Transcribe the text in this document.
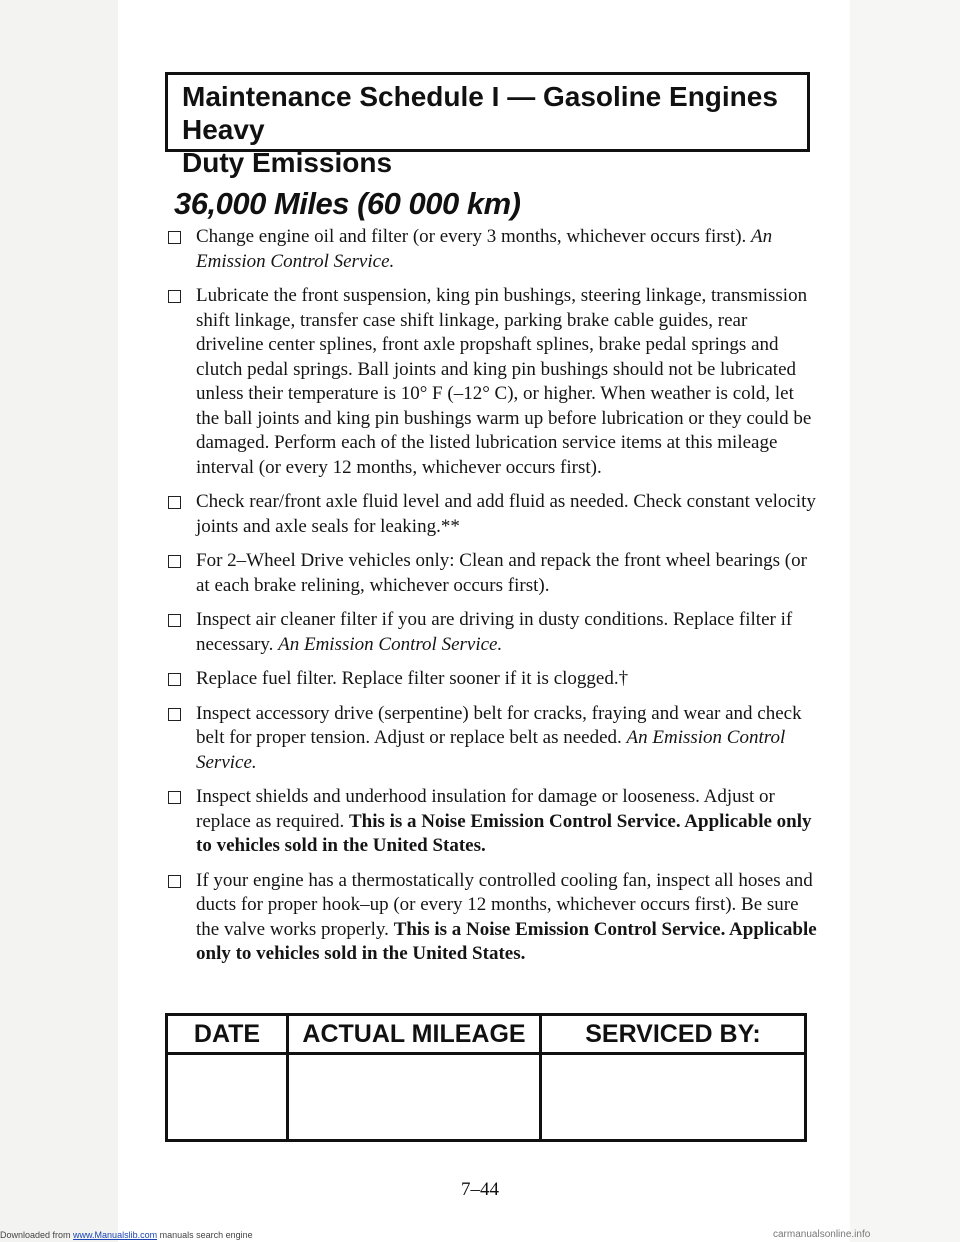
Maintenance Schedule I — Gasoline Engines Heavy
Duty Emissions
36,000 Miles (60 000 km)
Change engine oil and filter (or every 3 months, whichever occurs first). An Emission Control Service.
Lubricate the front suspension, king pin bushings, steering linkage, transmission shift linkage, transfer case shift linkage, parking brake cable guides, rear driveline center splines, front axle propshaft splines, brake pedal springs and clutch pedal springs. Ball joints and king pin bushings should not be lubricated unless their temperature is 10° F (–12° C), or higher. When weather is cold, let the ball joints and king pin bushings warm up before lubrication or they could be damaged. Perform each of the listed lubrication service items at this mileage interval (or every 12 months, whichever occurs first).
Check rear/front axle fluid level and add fluid as needed. Check constant velocity joints and axle seals for leaking.**
For 2–Wheel Drive vehicles only: Clean and repack the front wheel bearings (or at each brake relining, whichever occurs first).
Inspect air cleaner filter if you are driving in dusty conditions. Replace filter if necessary. An Emission Control Service.
Replace fuel filter. Replace filter sooner if it is clogged.†
Inspect accessory drive (serpentine) belt for cracks, fraying and wear and check belt for proper tension. Adjust or replace belt as needed. An Emission Control Service.
Inspect shields and underhood insulation for damage or looseness. Adjust or replace as required. This is a Noise Emission Control Service. Applicable only to vehicles sold in the United States.
If your engine has a thermostatically controlled cooling fan, inspect all hoses and ducts for proper hook–up (or every 12 months, whichever occurs first). Be sure the valve works properly. This is a Noise Emission Control Service. Applicable only to vehicles sold in the United States.
DATE	ACTUAL MILEAGE	SERVICED BY:

7–44
Downloaded from www.Manualslib.com manuals search engine	carmanualsonline.info
